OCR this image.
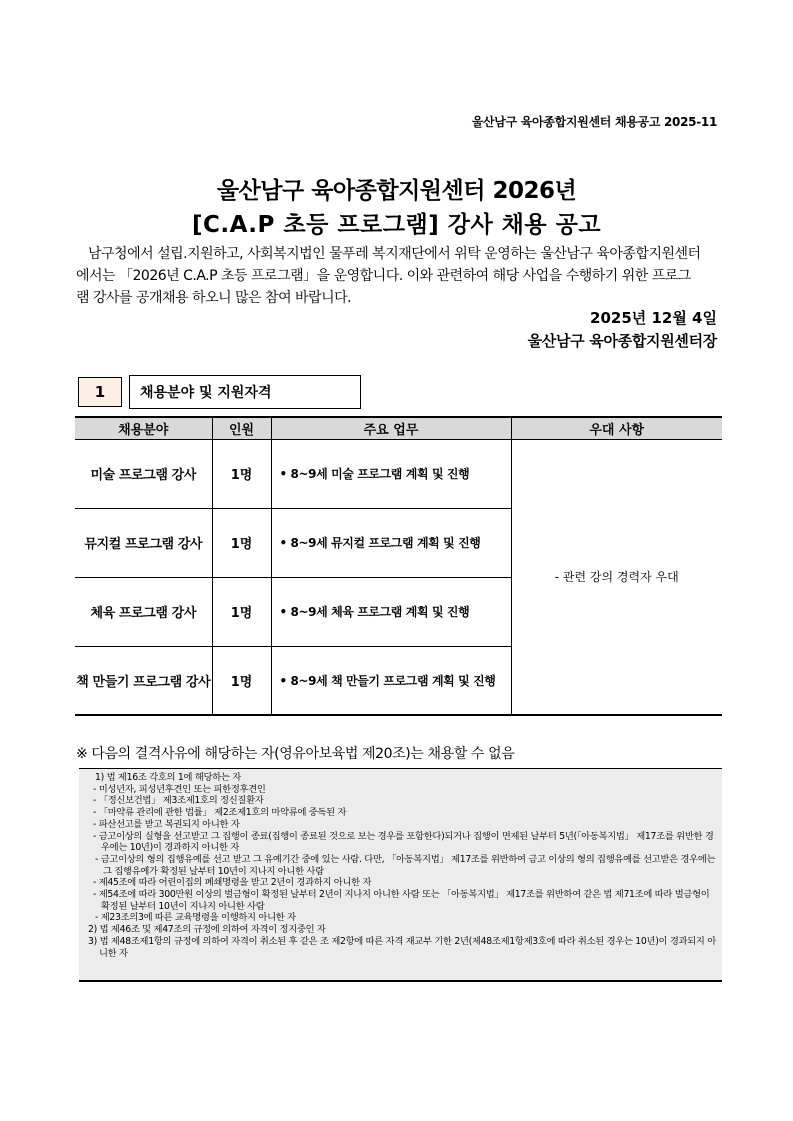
울산남구 육아종합지원센터 채용공고 2025-11
울산남구 육아종합지원센터 2026년
[C.A.P 초등 프로그램] 강사 채용 공고
남구청에서 설립.지원하고, 사회복지법인 물푸레 복지재단에서 위탁 운영하는 울산남구 육아종합지원센터
에서는 「2026년 C.A.P 초등 프로그램」을 운영합니다. 이와 관련하여 해당 사업을 수행하기 위한 프로그
램 강사를 공개채용 하오니 많은 참여 바랍니다.
2025년 12월 4일
울산남구 육아종합지원센터장
1	채용분야 및 지원자격
채용분야	인원	주요 업무	우대 사항
미술 프로그램 강사	1명	• 8~9세 미술 프로그램 계획 및 진행	- 관련 강의 경력자 우대
뮤지컬 프로그램 강사	1명	• 8~9세 뮤지컬 프로그램 계획 및 진행	
체육 프로그램 강사	1명	• 8~9세 체육 프로그램 계획 및 진행	
책 만들기 프로그램 강사	1명	• 8~9세 책 만들기 프로그램 계획 및 진행	
※ 다음의 결격사유에 해당하는 자(영유아보육법 제20조)는 채용할 수 없음
1) 법 제16조 각호의 1에 해당하는 자
- 미성년자, 피성년후견인 또는 피한정후견인
- 「정신보건법」 제3조제1호의 정신질환자
- 「마약류 관리에 관한 법률」 제2조제1호의 마약류에 중독된 자
- 파산선고를 받고 복권되지 아니한 자
- 금고이상의 실형을 선고받고 그 집행이 종료(집행이 종료된 것으로 보는 경우를 포함한다)되거나 집행이 면제된 날부터 5년(「아동복지법」 제17조를 위반한 경우에는 10년)이 경과하지 아니한 자
- 금고이상의 형의 집행유예를 선고 받고 그 유예기간 중에 있는 사람. 다만, 「아동복지법」 제17조를 위반하여 금고 이상의 형의 집행유예를 선고받은 경우에는 그 집행유예가 확정된 날부터 10년이 지나지 아니한 사람
- 제45조에 따라 어린이집의 폐쇄명령을 받고 2년이 경과하지 아니한 자
- 제54조에 따라 300만원 이상의 벌금형이 확정된 날부터 2년이 지나지 아니한 사람 또는 「아동복지법」 제17조를 위반하여 같은 법 제71조에 따라 벌금형이 확정된 날부터 10년이 지나지 아니한 사람
- 제23조의3에 따른 교육명령을 이행하지 아니한 자
2) 법 제46조 및 제47조의 규정에 의하여 자격이 정지중인 자
3) 법 제48조제1항의 규정에 의하여 자격이 취소된 후 같은 조 제2항에 따른 자격 재교부 기한 2년(제48조제1항제3호에 따라 취소된 경우는 10년)이 경과되지 아니한 자
